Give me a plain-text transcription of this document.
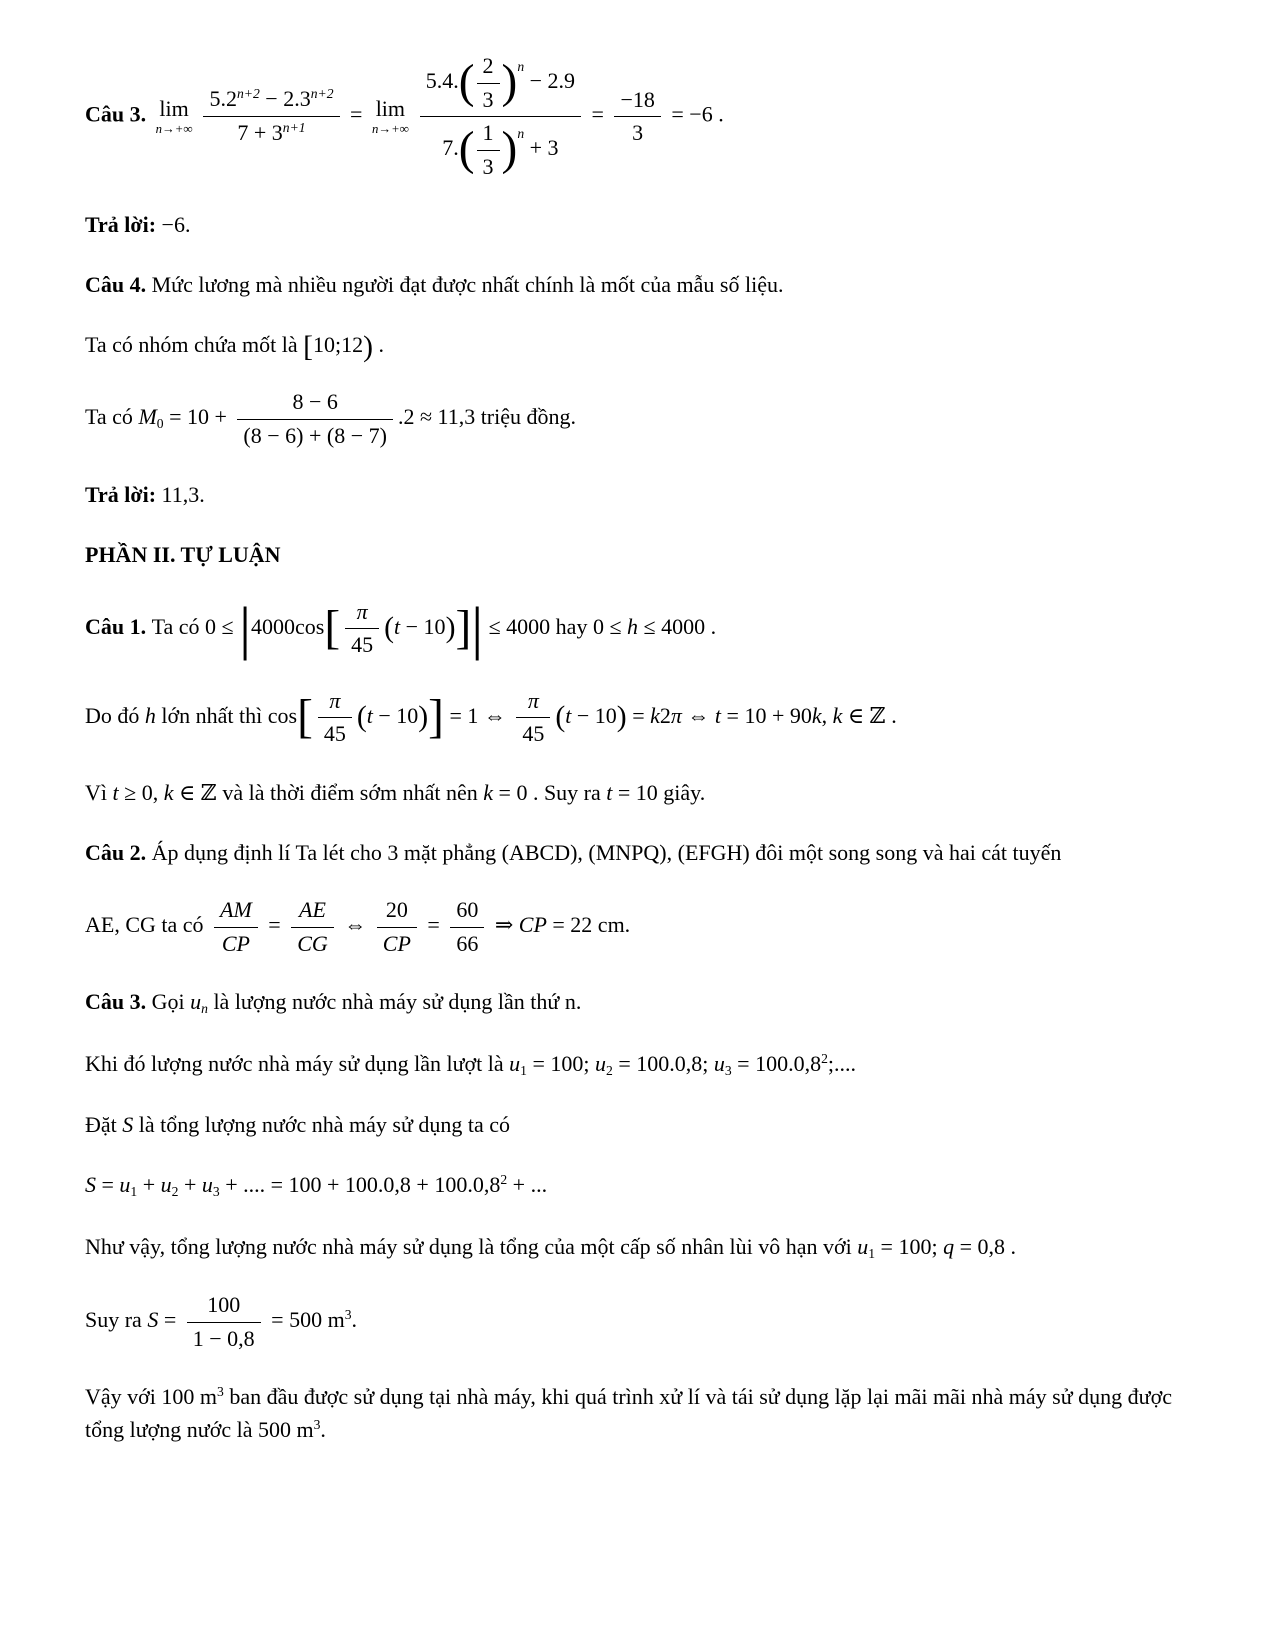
Câu 3. lim
$n\to+\infty \frac{5.2^{n+2} - 2.3^{n+2}}{7 + 3^{n+1}} = \lim$
$n\to+\infty \frac{5.4.( \frac{2}{3} )^n - 2.9}{7.( \frac{1}{3} )^n + 3} = \frac{-18}{3} = -6$ .
Trả lời: −6.
Câu 4. Mức lương mà nhiều người đạt được nhất chính là mốt của mẫu số liệu.
Ta có nhóm chứa mốt là [10;12) .
Ta có $M_0 = 10 + \frac{8 - 6}{(8 - 6) + (8 - 7)} .2 \approx 11,3$ triệu đồng.
Trả lời: 11,3.
PHẦN II. TỰ LUẬN
Câu 1. Ta có $0 \le |4000\cos[ \frac{\pi}{45} (t - 10)]| \le 4000$ hay 0 ≤ h ≤ 4000 .
Do đó h lớn nhất thì $\cos[ \frac{\pi}{45} (t - 10)] = 1$ ⇔ $\frac{\pi}{45} (t - 10) = k2\pi$ ⇔ t = 10 + 90k, k ∈ ℤ .
Vì t ≥ 0, k ∈ ℤ và là thời điểm sớm nhất nên k = 0 . Suy ra t = 10 giây.
Câu 2. Áp dụng định lí Ta lét cho 3 mặt phẳng (ABCD), (MNPQ), (EFGH) đôi một song song và hai cát tuyến
AE, CG ta có $\frac{AM}{CP} = \frac{AE}{CG}$ ⇔ $\frac{20}{CP} = \frac{60}{66}$ ⇒ CP = 22 cm.
Câu 3. Gọi $u_n$ là lượng nước nhà máy sử dụng lần thứ n.
Khi đó lượng nước nhà máy sử dụng lần lượt là $u_1 = 100$; $u_2 = 100.0,8$; $u_3 = 100.0,8^2$;....
Đặt S là tổng lượng nước nhà máy sử dụng ta có
$S = u_1 + u_2 + u_3$ + .... = $100 + 100.0,8 + 100.0,8^2$ + ...
Như vậy, tổng lượng nước nhà máy sử dụng là tổng của một cấp số nhân lùi vô hạn với $u_1 = 100$; q = 0,8 .
Suy ra $S = \frac{100}{1 - 0,8} = 500$ $m^3$.
Vậy với 100 $m^3$ ban đầu được sử dụng tại nhà máy, khi quá trình xử lí và tái sử dụng lặp lại mãi mãi nhà máy sử dụng được tổng lượng nước là 500 $m^3$.
